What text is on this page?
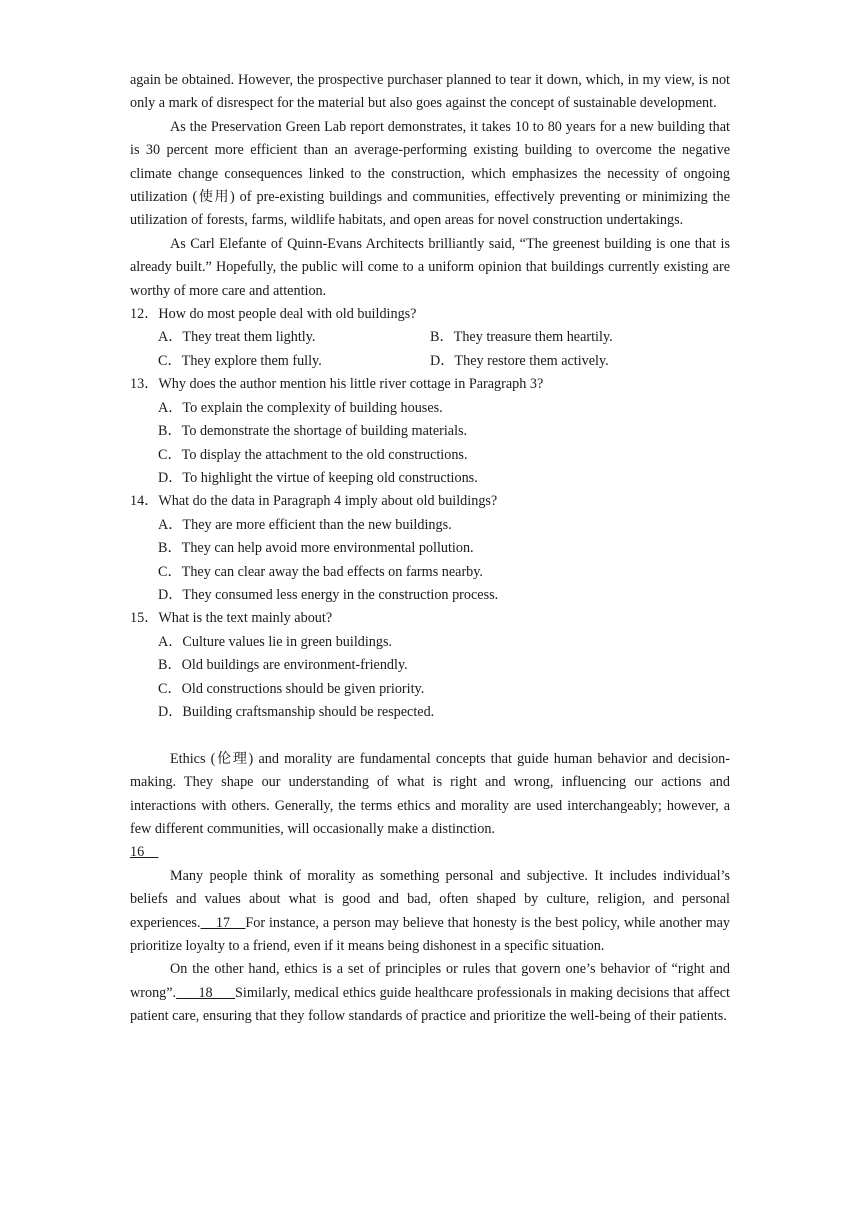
again be obtained. However, the prospective purchaser planned to tear it down, which, in my view, is not only a mark of disrespect for the material but also goes against the concept of sustainable development.

As the Preservation Green Lab report demonstrates, it takes 10 to 80 years for a new building that is 30 percent more efficient than an average-performing existing building to overcome the negative climate change consequences linked to the construction, which emphasizes the necessity of ongoing utilization (使用) of pre-existing buildings and communities, effectively preventing or minimizing the utilization of forests, farms, wildlife habitats, and open areas for novel construction undertakings.

As Carl Elefante of Quinn-Evans Architects brilliantly said, “The greenest building is one that is already built.” Hopefully, the public will come to a uniform opinion that buildings currently existing are worthy of more care and attention.

12．How do most people deal with old buildings?

A．They treat them lightly.	B．They treasure them heartily.
C．They explore them fully.	D．They restore them actively.

13．Why does the author mention his little river cottage in Paragraph 3?

A．To explain the complexity of building houses.

B．To demonstrate the shortage of building materials.

C．To display the attachment to the old constructions.

D．To highlight the virtue of keeping old constructions.

14．What do the data in Paragraph 4 imply about old buildings?

A．They are more efficient than the new buildings.

B．They can help avoid more environmental pollution.

C．They can clear away the bad effects on farms nearby.

D．They consumed less energy in the construction process.

15．What is the text mainly about?

A．Culture values lie in green buildings.

B．Old buildings are environment-friendly.

C．Old constructions should be given priority.

D．Building craftsmanship should be respected.

Ethics (伦理) and morality are fundamental concepts that guide human behavior and decision-making. They shape our understanding of what is right and wrong, influencing our actions and interactions with others. Generally, the terms ethics and morality are used interchangeably; however, a few different communities, will occasionally make a distinction.
16

Many people think of morality as something personal and subjective. It includes individual’s beliefs and values about what is good and bad, often shaped by culture, religion, and personal experiences.    17    For instance, a person may believe that honesty is the best policy, while another may prioritize loyalty to a friend, even if it means being dishonest in a specific situation.

On the other hand, ethics is a set of principles or rules that govern one’s behavior of “right and wrong”.      18      Similarly, medical ethics guide healthcare professionals in making decisions that affect patient care, ensuring that they follow standards of practice and prioritize the well-being of their patients.
